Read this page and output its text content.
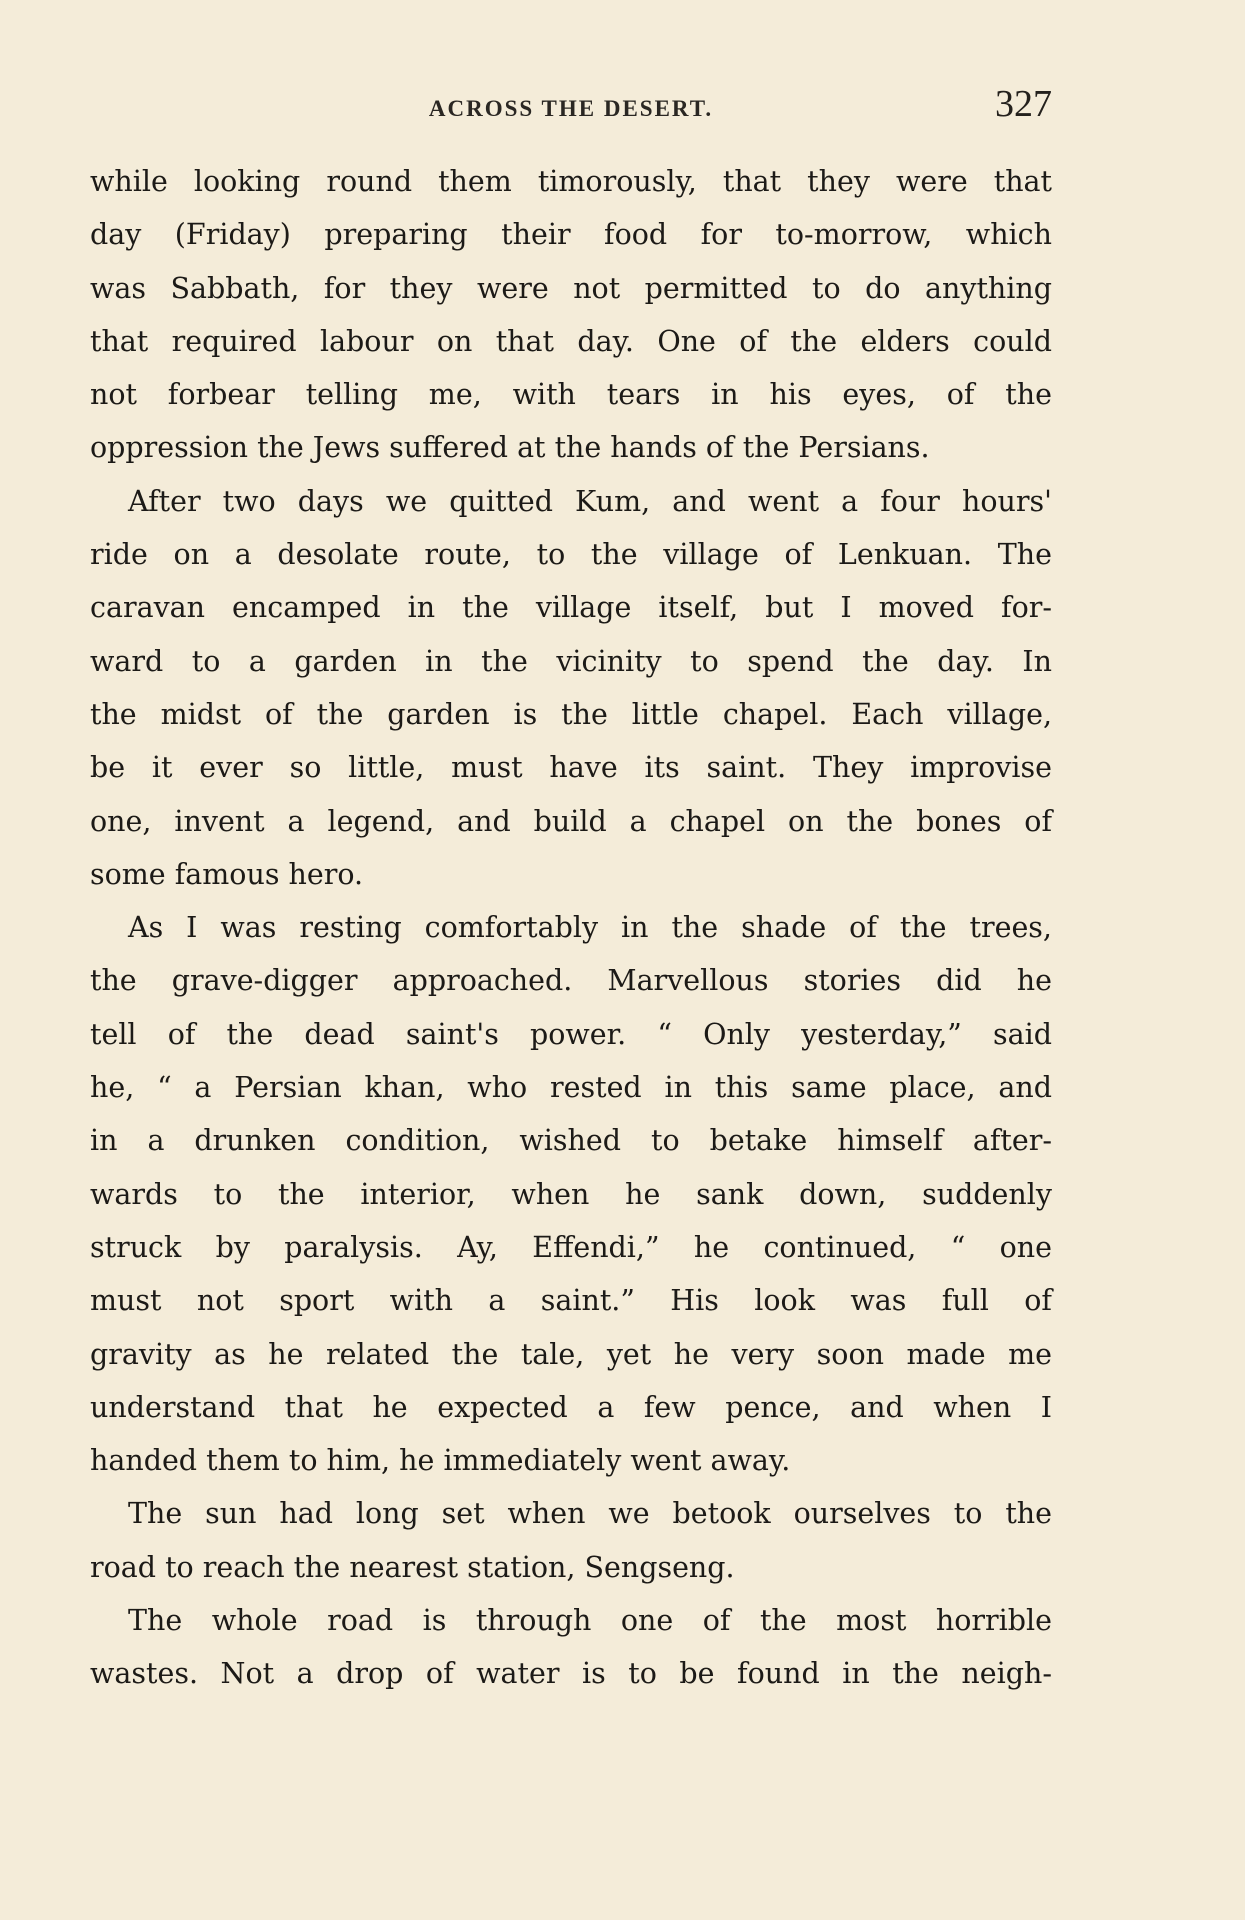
ACROSS THE DESERT.	327

while looking round them timorously, that they were that
day (Friday) preparing their food for to-morrow, which
was Sabbath, for they were not permitted to do anything
that required labour on that day. One of the elders could
not forbear telling me, with tears in his eyes, of the
oppression the Jews suffered at the hands of the Persians.

After two days we quitted Kum, and went a four hours'
ride on a desolate route, to the village of Lenkuan. The
caravan encamped in the village itself, but I moved for-
ward to a garden in the vicinity to spend the day. In
the midst of the garden is the little chapel. Each village,
be it ever so little, must have its saint. They improvise
one, invent a legend, and build a chapel on the bones of
some famous hero.

As I was resting comfortably in the shade of the trees,
the grave-digger approached. Marvellous stories did he
tell of the dead saint's power. “ Only yesterday,” said
he, “ a Persian khan, who rested in this same place, and
in a drunken condition, wished to betake himself after-
wards to the interior, when he sank down, suddenly
struck by paralysis. Ay, Effendi,” he continued, “ one
must not sport with a saint.” His look was full of
gravity as he related the tale, yet he very soon made me
understand that he expected a few pence, and when I
handed them to him, he immediately went away.

The sun had long set when we betook ourselves to the
road to reach the nearest station, Sengseng.

The whole road is through one of the most horrible
wastes. Not a drop of water is to be found in the neigh-
